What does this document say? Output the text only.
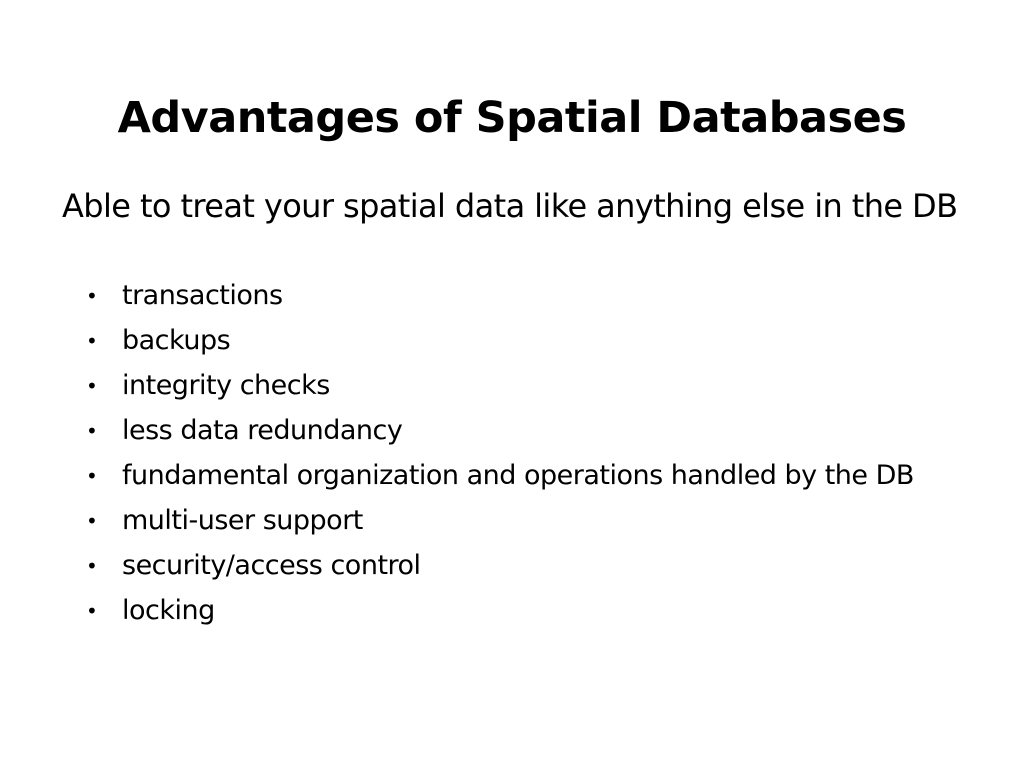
Advantages of Spatial Databases

Able to treat your spatial data like anything else in the DB

• transactions
• backups
• integrity checks
• less data redundancy
• fundamental organization and operations handled by the DB
• multi-user support
• security/access control
• locking
